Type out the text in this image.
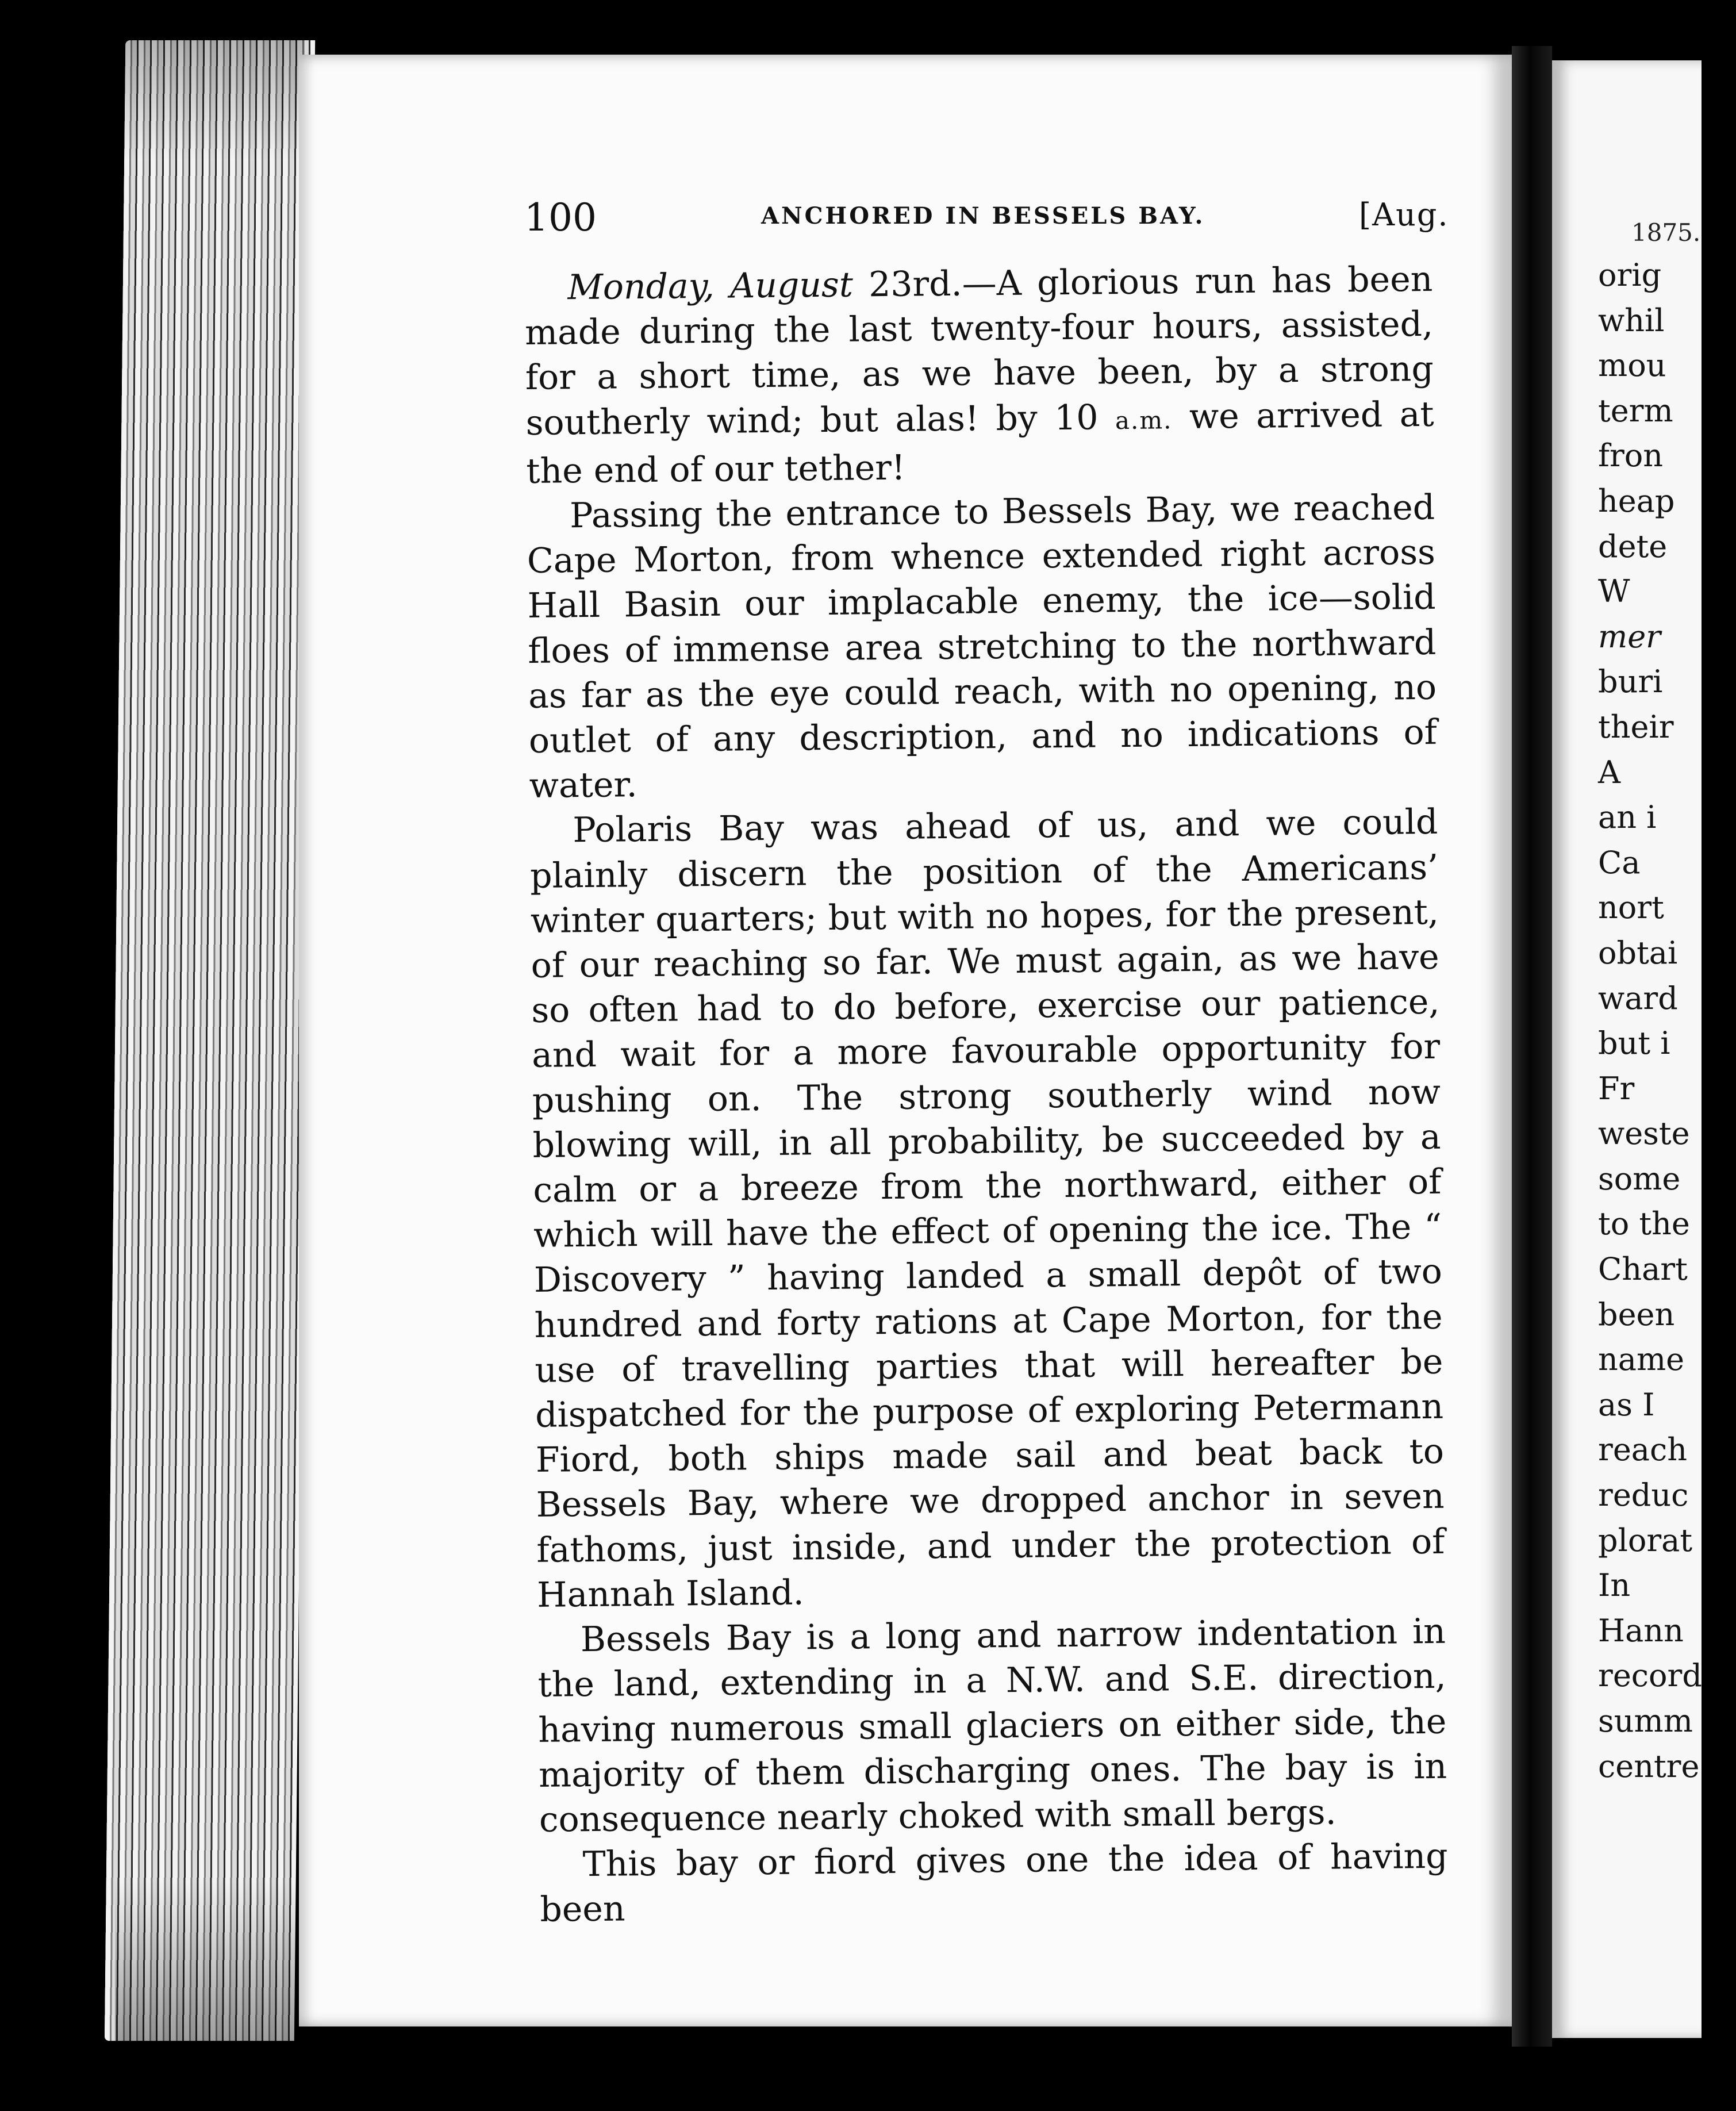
100	ANCHORED IN BESSELS BAY.	[Aug.

Monday, August 23rd.—A glorious run has been made during the last twenty-four hours, assisted, for a short time, as we have been, by a strong southerly wind; but alas! by 10 a.m. we arrived at the end of our tether!

Passing the entrance to Bessels Bay, we reached Cape Morton, from whence extended right across Hall Basin our implacable enemy, the ice—solid floes of immense area stretching to the northward as far as the eye could reach, with no opening, no outlet of any description, and no indications of water.

Polaris Bay was ahead of us, and we could plainly discern the position of the Americans’ winter quarters; but with no hopes, for the present, of our reaching so far. We must again, as we have so often had to do before, exercise our patience, and wait for a more favourable opportunity for pushing on. The strong southerly wind now blowing will, in all probability, be succeeded by a calm or a breeze from the northward, either of which will have the effect of opening the ice. The “ Discovery ” having landed a small depôt of two hundred and forty rations at Cape Morton, for the use of travelling parties that will hereafter be dispatched for the purpose of exploring Petermann Fiord, both ships made sail and beat back to Bessels Bay, where we dropped anchor in seven fathoms, just inside, and under the protection of Hannah Island.

Bessels Bay is a long and narrow indentation in the land, extending in a N.W. and S.E. direction, having numerous small glaciers on either side, the majority of them discharging ones. The bay is in consequence nearly choked with small bergs.

This bay or fiord gives one the idea of having been

1875.
orig
whil
mou
term
fron
heap
dete
W
mer
buri
their
A
an i
Ca
nort
obtai
ward
but i
Fr
weste
some
to the
Chart
been
name
as I
reach
reduc
plorat
In
Hann
record
summ
centre
